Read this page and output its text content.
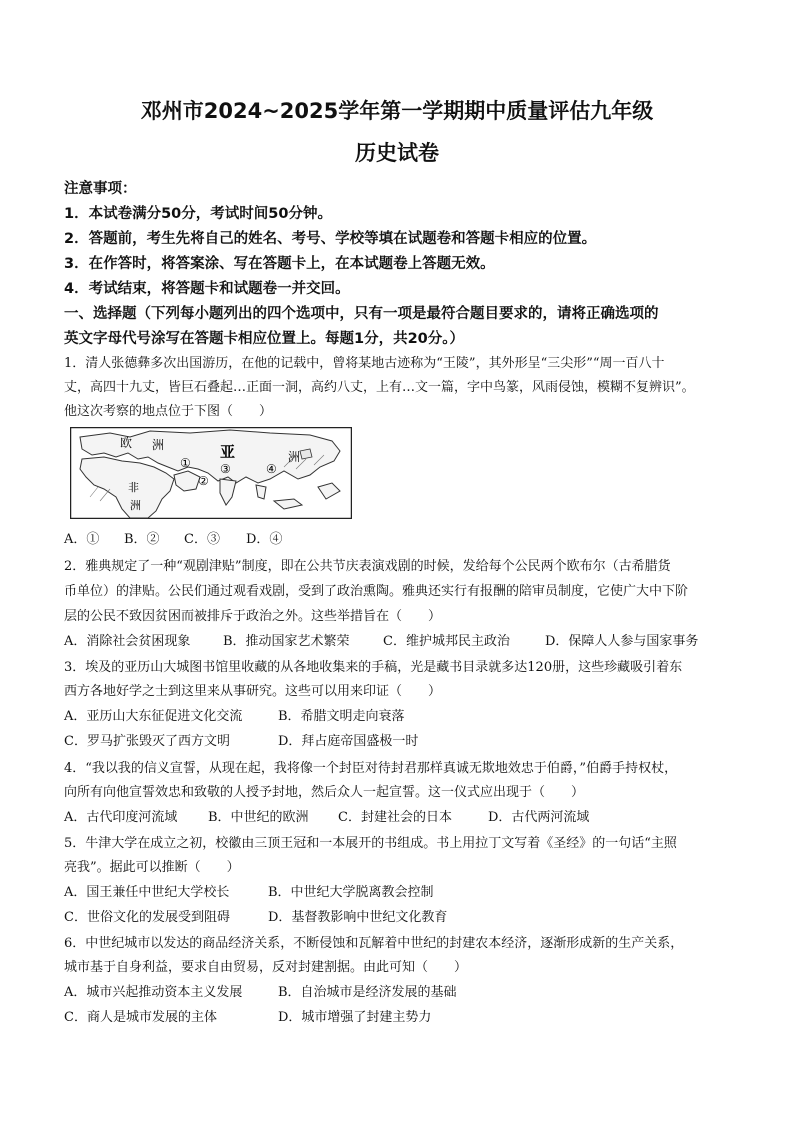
邓州市2024~2025学年第一学期期中质量评估九年级
历史试卷
注意事项：
1．本试卷满分50分，考试时间50分钟。
2．答题前，考生先将自己的姓名、考号、学校等填在试题卷和答题卡相应的位置。
3．在作答时，将答案涂、写在答题卡上，在本试题卷上答题无效。
4．考试结束，将答题卡和试题卷一并交回。
一、选择题（下列每小题列出的四个选项中，只有一项是最符合题目要求的，请将正确选项的
英文字母代号涂写在答题卡相应位置上。每题1分，共20分。）
1．清人张德彝多次出国游历，在他的记载中，曾将某地古迹称为“王陵”，其外形呈“三尖形”“周一百八十
丈，高四十九丈，皆巨石叠起…正面一洞，高约八丈，上有…文一篇，字中鸟篆，风雨侵蚀，模糊不复辨识”。
他这次考察的地点位于下图（　　）
欧 洲	亚	洲
非
洲
①
②
③	④
A．① B．② C．③ D．④
2．雅典规定了一种“观剧津贴”制度，即在公共节庆表演戏剧的时候，发给每个公民两个欧布尔（古希腊货
币单位）的津贴。公民们通过观看戏剧，受到了政治熏陶。雅典还实行有报酬的陪审员制度，它使广大中下阶
层的公民不致因贫困而被排斥于政治之外。这些举措旨在（　　）
A．消除社会贫困现象	B．推动国家艺术繁荣	C．维护城邦民主政治	D．保障人人参与国家事务
3．埃及的亚历山大城图书馆里收藏的从各地收集来的手稿，光是藏书目录就多达120册，这些珍藏吸引着东
西方各地好学之士到这里来从事研究。这些可以用来印证（　　）
A．亚历山大东征促进文化交流	B．希腊文明走向衰落
C．罗马扩张毁灭了西方文明	D．拜占庭帝国盛极一时
4．“我以我的信义宣誓，从现在起，我将像一个封臣对待封君那样真诚无欺地效忠于伯爵，”伯爵手持权杖，
向所有向他宣誓效忠和致敬的人授予封地，然后众人一起宣誓。这一仪式应出现于（　　）
A．古代印度河流域 B．中世纪的欧洲 C．封建社会的日本	D．古代两河流域
5．牛津大学在成立之初，校徽由三顶王冠和一本展开的书组成。书上用拉丁文写着《圣经》的一句话“主照
亮我”。据此可以推断（　　）
A．国王兼任中世纪大学校长	B．中世纪大学脱离教会控制
C．世俗文化的发展受到阻碍	D．基督教影响中世纪文化教育
6．中世纪城市以发达的商品经济关系，不断侵蚀和瓦解着中世纪的封建农本经济，逐渐形成新的生产关系，
城市基于自身利益，要求自由贸易，反对封建割据。由此可知（　　）
A．城市兴起推动资本主义发展	B．自治城市是经济发展的基础
C．商人是城市发展的主体	D．城市增强了封建主势力
